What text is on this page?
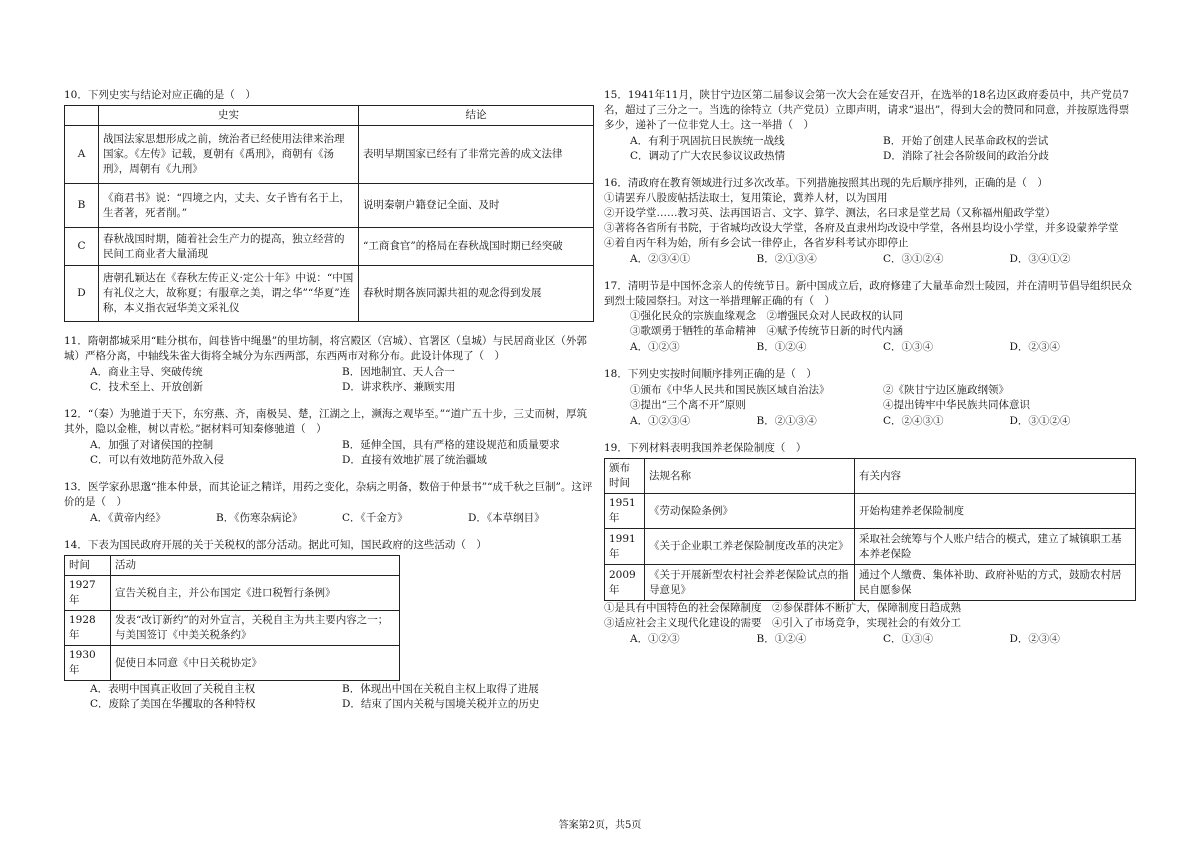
10．下列史实与结论对应正确的是（　）

	史实	结论
A	战国法家思想形成之前，统治者已经使用法律来治理国家。《左传》记载，夏朝有《禹刑》，商朝有《汤刑》，周朝有《九刑》	表明早期国家已经有了非常完善的成文法律
B	《商君书》说：“四境之内，丈夫、女子皆有名于上，生者著，死者削。”	说明秦朝户籍登记全面、及时
C	春秋战国时期，随着社会生产力的提高，独立经营的民间工商业者大量涌现	“工商食官”的格局在春秋战国时期已经突破
D	唐朝孔颖达在《春秋左传正义·定公十年》中说：“中国有礼仪之大，故称夏；有服章之美，谓之华”“华夏”连称，本义指衣冠华美文采礼仪	春秋时期各族同源共祖的观念得到发展

11．隋朝都城采用“畦分棋布，闾巷皆中绳墨”的里坊制，将宫殿区（宫城）、官署区（皇城）与民居商业区（外郭城）严格分离，中轴线朱雀大街将全城分为东西两部，东西两市对称分布。此设计体现了（　）

A．商业主导、突破传统	B．因地制宜、天人合一
C．技术至上、开放创新	D．讲求秩序、兼顾实用

12．“（秦）为驰道于天下，东穷燕、齐，南极吴、楚，江湖之上，濒海之观毕至。”“道广五十步，三丈而树，厚筑其外，隐以金椎，树以青松。”据材料可知秦修驰道（　）

A．加强了对诸侯国的控制	B．延伸全国，具有严格的建设规范和质量要求
C．可以有效地防范外敌入侵	D．直接有效地扩展了统治疆域

13．医学家孙思邈“推本仲景，而其论证之精详，用药之变化，杂病之明备，数倍于仲景书”“成千秋之巨制”。这评价的是（　）

A．《黄帝内经》	B．《伤寒杂病论》	C．《千金方》	D．《本草纲目》

14．下表为国民政府开展的关于关税权的部分活动。据此可知，国民政府的这些活动（　）

时间	活动
1927年	宣告关税自主，并公布国定《进口税暂行条例》
1928年	发表“改订新约”的对外宣言，关税自主为共主要内容之一；与美国签订《中美关税条约》
1930年	促使日本同意《中日关税协定》
A．表明中国真正收回了关税自主权	B．体现出中国在关税自主权上取得了进展
C．废除了美国在华攫取的各种特权	D．结束了国内关税与国境关税并立的历史

15．1941年11月，陕甘宁边区第二届参议会第一次大会在延安召开，在选举的18名边区政府委员中，共产党员7名，超过了三分之一。当选的徐特立（共产党员）立即声明，请求“退出”，得到大会的赞同和同意，并按原选得票多少，递补了一位非党人士。这一举措（　）

A．有利于巩固抗日民族统一战线	B．开始了创建人民革命政权的尝试
C．调动了广大农民参议议政热情	D．消除了社会各阶级间的政治分歧

16．清政府在教育领域进行过多次改革。下列措施按照其出现的先后顺序排列，正确的是（　）

①请罢弃八股废帖括法取士，复用策论，冀养人材，以为国用

②开设学堂……教习英、法再国语言、文字、算学、测法，名曰求是堂艺局（又称福州船政学堂）

③著将各省所有书院，于省城均改设大学堂，各府及直隶州均改设中学堂，各州县均设小学堂，并多设蒙养学堂

④着自丙午科为始，所有乡会试一律停止，各省岁科考试亦即停止

A．②③④①	B．②①③④	C．③①②④	D．③④①②

17．清明节是中国怀念亲人的传统节日。新中国成立后，政府修建了大量革命烈士陵园，并在清明节倡导组织民众到烈士陵园祭扫。对这一举措理解正确的有（　）

①强化民众的宗族血缘观念　②增强民众对人民政权的认同

③歌颂勇于牺牲的革命精神　④赋予传统节日新的时代内涵

A．①②③	B．①②④	C．①③④	D．②③④

18．下列史实按时间顺序排列正确的是（　）

①颁布《中华人民共和国民族区域自治法》	②《陕甘宁边区施政纲领》
③提出“三个离不开”原则	④提出铸牢中华民族共同体意识
A．①②③④	B．②①③④	C．②④③①	D．③①②④

19．下列材料表明我国养老保险制度（　）

颁布时间	法规名称	有关内容
1951年	《劳动保险条例》	开始构建养老保险制度
1991年	《关于企业职工养老保险制度改革的决定》	采取社会统筹与个人账户结合的模式，建立了城镇职工基本养老保险
2009年	《关于开展新型农村社会养老保险试点的指导意见》	通过个人缴费、集体补助、政府补贴的方式，鼓励农村居民自愿参保

①是具有中国特色的社会保障制度　②参保群体不断扩大，保障制度日趋成熟

③适应社会主义现代化建设的需要　④引入了市场竞争，实现社会的有效分工

A．①②③	B．①②④	C．①③④	D．②③④
答案第2页，共5页
